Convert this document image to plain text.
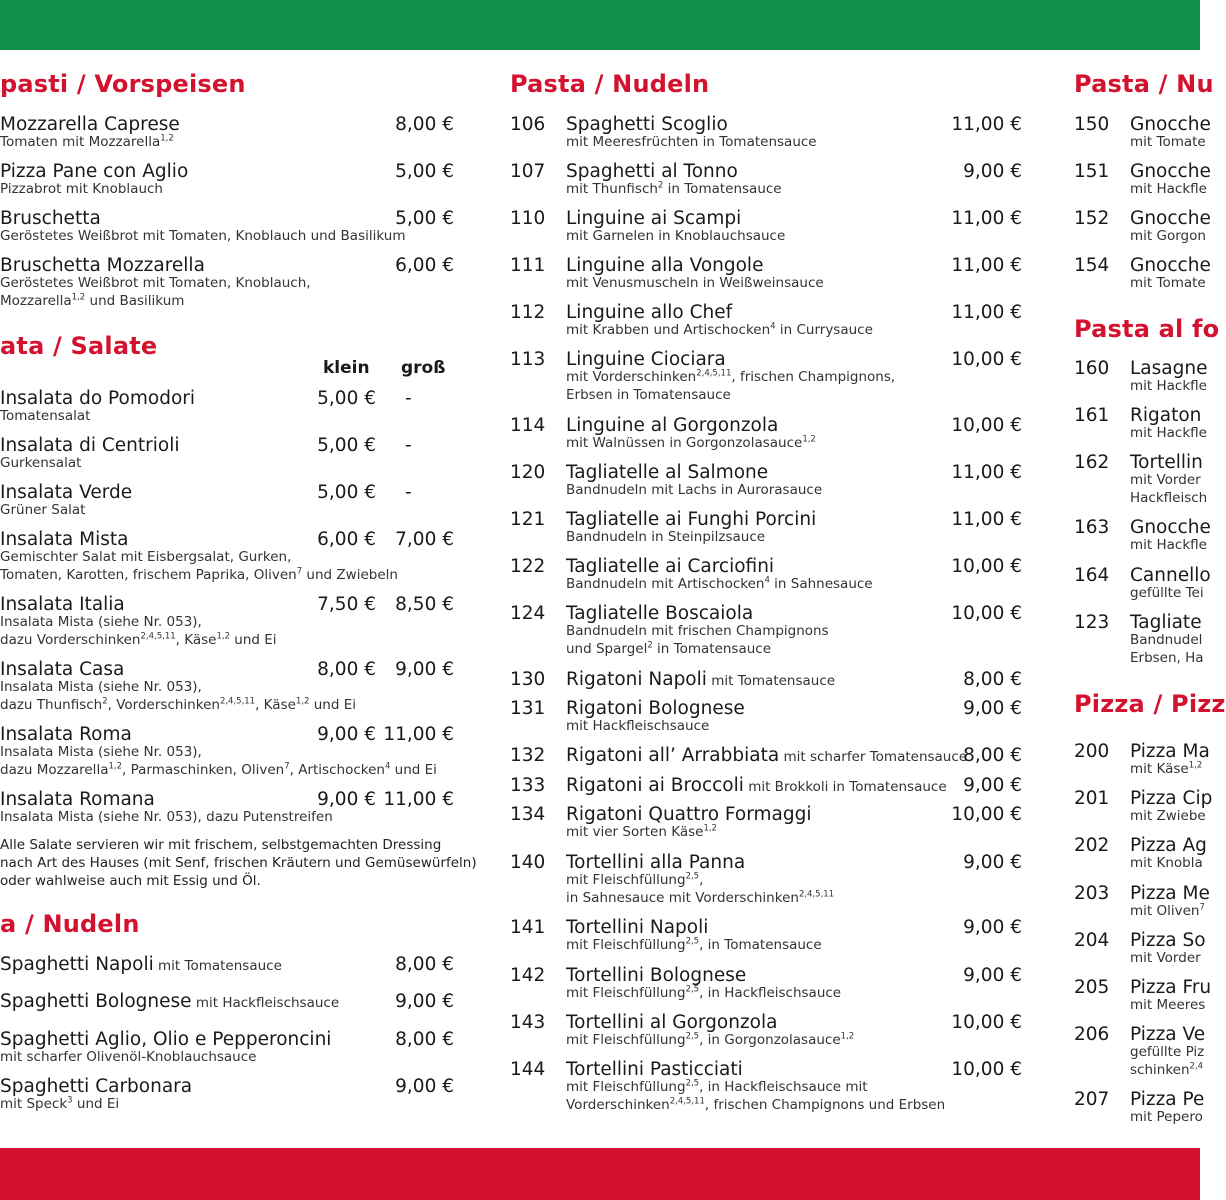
pasti / Vorspeisen
Mozzarella Caprese
Tomaten mit Mozzarella$^{1,2}$
8,00 €
Pizza Pane con Aglio
Pizzabrot mit Knoblauch
5,00 €
Bruschetta
Geröstetes Weißbrot mit Tomaten, Knoblauch und Basilikum
5,00 €
Bruschetta Mozzarella
Geröstetes Weißbrot mit Tomaten, Knoblauch,
Mozzarella$^{1,2}$ und Basilikum
6,00 €
ata / Salate
klein groß
Insalata do Pomodori
Tomatensalat
5,00 € -
Insalata di Centrioli
Gurkensalat
5,00 € -
Insalata Verde
Grüner Salat
5,00 € -
Insalata Mista
Gemischter Salat mit Eisbergsalat, Gurken,
Tomaten, Karotten, frischem Paprika, Oliven$^7$ und Zwiebeln
6,00 € 7,00 €
Insalata Italia
Insalata Mista (siehe Nr. 053),
dazu Vorderschinken$^{2,4,5,11}$, Käse$^{1,2}$ und Ei
7,50 € 8,50 €
Insalata Casa
Insalata Mista (siehe Nr. 053),
dazu Thunfisch$^2$, Vorderschinken$^{2,4,5,11}$, Käse$^{1,2}$ und Ei
8,00 € 9,00 €
Insalata Roma
Insalata Mista (siehe Nr. 053),
dazu Mozzarella$^{1,2}$, Parmaschinken, Oliven$^7$, Artischocken$^4$ und Ei
9,00 € 11,00 €
Insalata Romana
Insalata Mista (siehe Nr. 053), dazu Putenstreifen
9,00 € 11,00 €
Alle Salate servieren wir mit frischem, selbstgemachten Dressing
nach Art des Hauses (mit Senf, frischen Kräutern und Gemüsewürfeln)
oder wahlweise auch mit Essig und Öl.
a / Nudeln
Spaghetti Napoli mit Tomatensauce	8,00 €
Spaghetti Bolognese mit Hackfleischsauce	9,00 €
Spaghetti Aglio, Olio e Pepperoncini
mit scharfer Olivenöl-Knoblauchsauce
8,00 €
Spaghetti Carbonara
mit Speck$^3$ und Ei
9,00 €
Pasta / Nudeln
106 Spaghetti Scoglio
mit Meeresfrüchten in Tomatensauce
11,00 €
107 Spaghetti al Tonno
mit Thunfisch$^2$ in Tomatensauce
9,00 €
110 Linguine ai Scampi
mit Garnelen in Knoblauchsauce
11,00 €
111 Linguine alla Vongole
mit Venusmuscheln in Weißweinsauce
11,00 €
112 Linguine allo Chef
mit Krabben und Artischocken$^4$ in Currysauce
11,00 €
113 Linguine Ciociara
mit Vorderschinken$^{2,4,5,11}$, frischen Champignons,
Erbsen in Tomatensauce
10,00 €
114 Linguine al Gorgonzola
mit Walnüssen in Gorgonzolasauce$^{1,2}$
10,00 €
120 Tagliatelle al Salmone
Bandnudeln mit Lachs in Aurorasauce
11,00 €
121 Tagliatelle ai Funghi Porcini
Bandnudeln in Steinpilzsauce
11,00 €
122 Tagliatelle ai Carciofini
Bandnudeln mit Artischocken$^4$ in Sahnesauce
10,00 €
124 Tagliatelle Boscaiola
Bandnudeln mit frischen Champignons
und Spargel$^2$ in Tomatensauce
10,00 €
130 Rigatoni Napoli mit Tomatensauce	8,00 €
131 Rigatoni Bolognese
mit Hackfleischsauce
9,00 €
132 Rigatoni all’ Arrabbiata mit scharfer Tomatensauce
8,00 €
133 Rigatoni ai Broccoli mit Brokkoli in Tomatensauce 9,00 €
134 Rigatoni Quattro Formaggi
mit vier Sorten Käse$^{1,2}$
10,00 €
140 Tortellini alla Panna
mit Fleischfüllung$^{2,5}$,
in Sahnesauce mit Vorderschinken$^{2,4,5,11}$
9,00 €
141 Tortellini Napoli
mit Fleischfüllung$^{2,5}$, in Tomatensauce
9,00 €
142 Tortellini Bolognese
mit Fleischfüllung$^{2,5}$, in Hackfleischsauce
9,00 €
143 Tortellini al Gorgonzola
mit Fleischfüllung$^{2,5}$, in Gorgonzolasauce$^{1,2}$
10,00 €
144 Tortellini Pasticciati
mit Fleischfüllung$^{2,5}$, in Hackfleischsauce mit
Vorderschinken$^{2,4,5,11}$, frischen Champignons und Erbsen
10,00 €
Pasta / Nu
150 Gnocche
mit Tomate
151 Gnocche
mit Hackfle
152 Gnocche
mit Gorgon
154 Gnocche
mit Tomate
Pasta al fo
160 Lasagne
mit Hackfle
161 Rigaton
mit Hackfle
162 Tortellin
mit Vorder
Hackfleisch
163 Gnocche
mit Hackfle
164 Cannello
gefüllte Tei
123 Tagliate
Bandnudel
Erbsen, Ha
Pizza / Pizz
200 Pizza Ma
mit Käse$^{1,2}$
201 Pizza Cip
mit Zwiebe
202 Pizza Ag
mit Knobla
203 Pizza Me
mit Oliven$^7$
204 Pizza So
mit Vorder
205 Pizza Fru
mit Meeres
206 Pizza Ve
gefüllte Piz
schinken$^{2,4}$
207 Pizza Pe
mit Pepero
